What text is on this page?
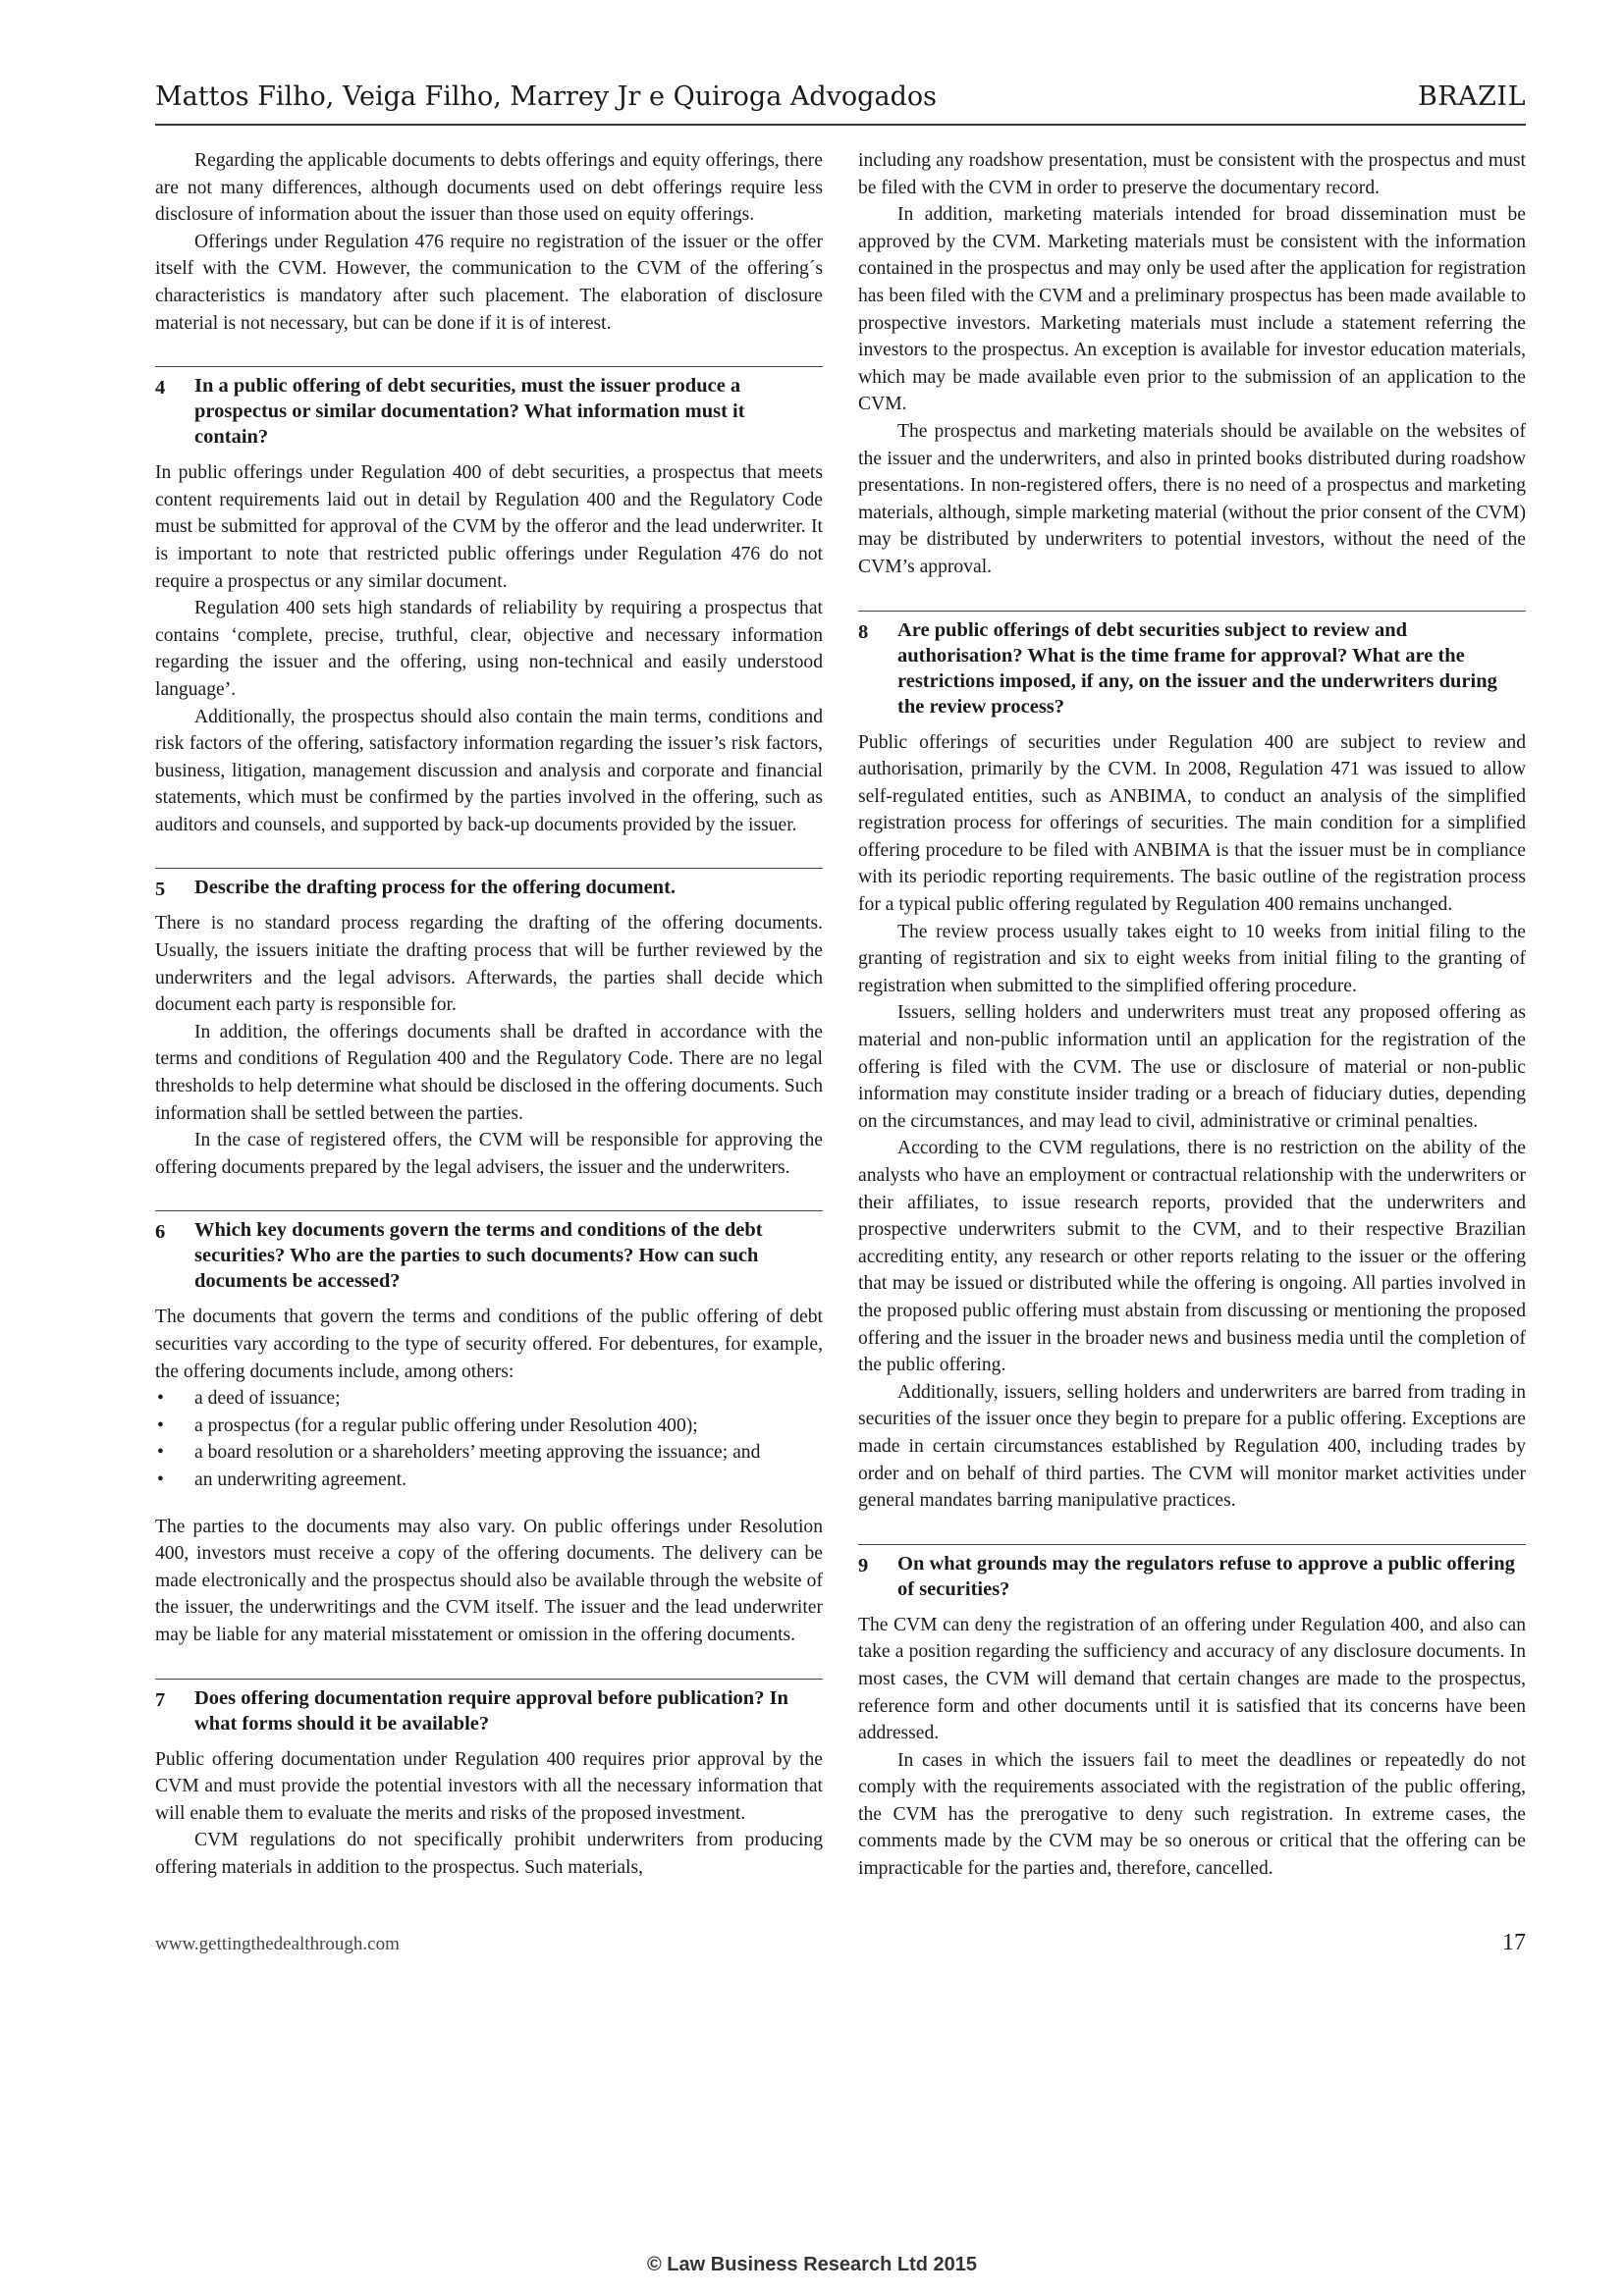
Mattos Filho, Veiga Filho, Marrey Jr e Quiroga Advogados	BRAZIL

Regarding the applicable documents to debts offerings and equity offerings, there are not many differences, although documents used on debt offerings require less disclosure of information about the issuer than those used on equity offerings.

Offerings under Regulation 476 require no registration of the issuer or the offer itself with the CVM. However, the communication to the CVM of the offering´s characteristics is mandatory after such placement. The elaboration of disclosure material is not necessary, but can be done if it is of interest.

4 In a public offering of debt securities, must the issuer produce a prospectus or similar documentation? What information must it contain?

In public offerings under Regulation 400 of debt securities, a prospectus that meets content requirements laid out in detail by Regulation 400 and the Regulatory Code must be submitted for approval of the CVM by the offeror and the lead underwriter. It is important to note that restricted public offerings under Regulation 476 do not require a prospectus or any similar document.

Regulation 400 sets high standards of reliability by requiring a prospectus that contains ‘complete, precise, truthful, clear, objective and necessary information regarding the issuer and the offering, using non-technical and easily understood language’.

Additionally, the prospectus should also contain the main terms, conditions and risk factors of the offering, satisfactory information regarding the issuer’s risk factors, business, litigation, management discussion and analysis and corporate and financial statements, which must be confirmed by the parties involved in the offering, such as auditors and counsels, and supported by back-up documents provided by the issuer.

5 Describe the drafting process for the offering document.

There is no standard process regarding the drafting of the offering documents. Usually, the issuers initiate the drafting process that will be further reviewed by the underwriters and the legal advisors. Afterwards, the parties shall decide which document each party is responsible for.

In addition, the offerings documents shall be drafted in accordance with the terms and conditions of Regulation 400 and the Regulatory Code. There are no legal thresholds to help determine what should be disclosed in the offering documents. Such information shall be settled between the parties.

In the case of registered offers, the CVM will be responsible for approving the offering documents prepared by the legal advisers, the issuer and the underwriters.

6 Which key documents govern the terms and conditions of the debt securities? Who are the parties to such documents? How can such documents be accessed?

The documents that govern the terms and conditions of the public offering of debt securities vary according to the type of security offered. For debentures, for example, the offering documents include, among others:

• a deed of issuance;
• a prospectus (for a regular public offering under Resolution 400);
• a board resolution or a shareholders’ meeting approving the issuance; and
• an underwriting agreement.

The parties to the documents may also vary. On public offerings under Resolution 400, investors must receive a copy of the offering documents. The delivery can be made electronically and the prospectus should also be available through the website of the issuer, the underwritings and the CVM itself. The issuer and the lead underwriter may be liable for any material misstatement or omission in the offering documents.

7 Does offering documentation require approval before publication? In what forms should it be available?

Public offering documentation under Regulation 400 requires prior approval by the CVM and must provide the potential investors with all the necessary information that will enable them to evaluate the merits and risks of the proposed investment.

CVM regulations do not specifically prohibit underwriters from producing offering materials in addition to the prospectus. Such materials,

including any roadshow presentation, must be consistent with the prospectus and must be filed with the CVM in order to preserve the documentary record.

In addition, marketing materials intended for broad dissemination must be approved by the CVM. Marketing materials must be consistent with the information contained in the prospectus and may only be used after the application for registration has been filed with the CVM and a preliminary prospectus has been made available to prospective investors. Marketing materials must include a statement referring the investors to the prospectus. An exception is available for investor education materials, which may be made available even prior to the submission of an application to the CVM.

The prospectus and marketing materials should be available on the websites of the issuer and the underwriters, and also in printed books distributed during roadshow presentations. In non-registered offers, there is no need of a prospectus and marketing materials, although, simple marketing material (without the prior consent of the CVM) may be distributed by underwriters to potential investors, without the need of the CVM’s approval.

8 Are public offerings of debt securities subject to review and authorisation? What is the time frame for approval? What are the restrictions imposed, if any, on the issuer and the underwriters during the review process?

Public offerings of securities under Regulation 400 are subject to review and authorisation, primarily by the CVM. In 2008, Regulation 471 was issued to allow self-regulated entities, such as ANBIMA, to conduct an analysis of the simplified registration process for offerings of securities. The main condition for a simplified offering procedure to be filed with ANBIMA is that the issuer must be in compliance with its periodic reporting requirements. The basic outline of the registration process for a typical public offering regulated by Regulation 400 remains unchanged.

The review process usually takes eight to 10 weeks from initial filing to the granting of registration and six to eight weeks from initial filing to the granting of registration when submitted to the simplified offering procedure.

Issuers, selling holders and underwriters must treat any proposed offering as material and non-public information until an application for the registration of the offering is filed with the CVM. The use or disclosure of material or non-public information may constitute insider trading or a breach of fiduciary duties, depending on the circumstances, and may lead to civil, administrative or criminal penalties.

According to the CVM regulations, there is no restriction on the ability of the analysts who have an employment or contractual relationship with the underwriters or their affiliates, to issue research reports, provided that the underwriters and prospective underwriters submit to the CVM, and to their respective Brazilian accrediting entity, any research or other reports relating to the issuer or the offering that may be issued or distributed while the offering is ongoing. All parties involved in the proposed public offering must abstain from discussing or mentioning the proposed offering and the issuer in the broader news and business media until the completion of the public offering.

Additionally, issuers, selling holders and underwriters are barred from trading in securities of the issuer once they begin to prepare for a public offering. Exceptions are made in certain circumstances established by Regulation 400, including trades by order and on behalf of third parties. The CVM will monitor market activities under general mandates barring manipulative practices.

9 On what grounds may the regulators refuse to approve a public offering of securities?

The CVM can deny the registration of an offering under Regulation 400, and also can take a position regarding the sufficiency and accuracy of any disclosure documents. In most cases, the CVM will demand that certain changes are made to the prospectus, reference form and other documents until it is satisfied that its concerns have been addressed.

In cases in which the issuers fail to meet the deadlines or repeatedly do not comply with the requirements associated with the registration of the public offering, the CVM has the prerogative to deny such registration. In extreme cases, the comments made by the CVM may be so onerous or critical that the offering can be impracticable for the parties and, therefore, cancelled.

www.gettingthedealthrough.com	17
© Law Business Research Ltd 2015
